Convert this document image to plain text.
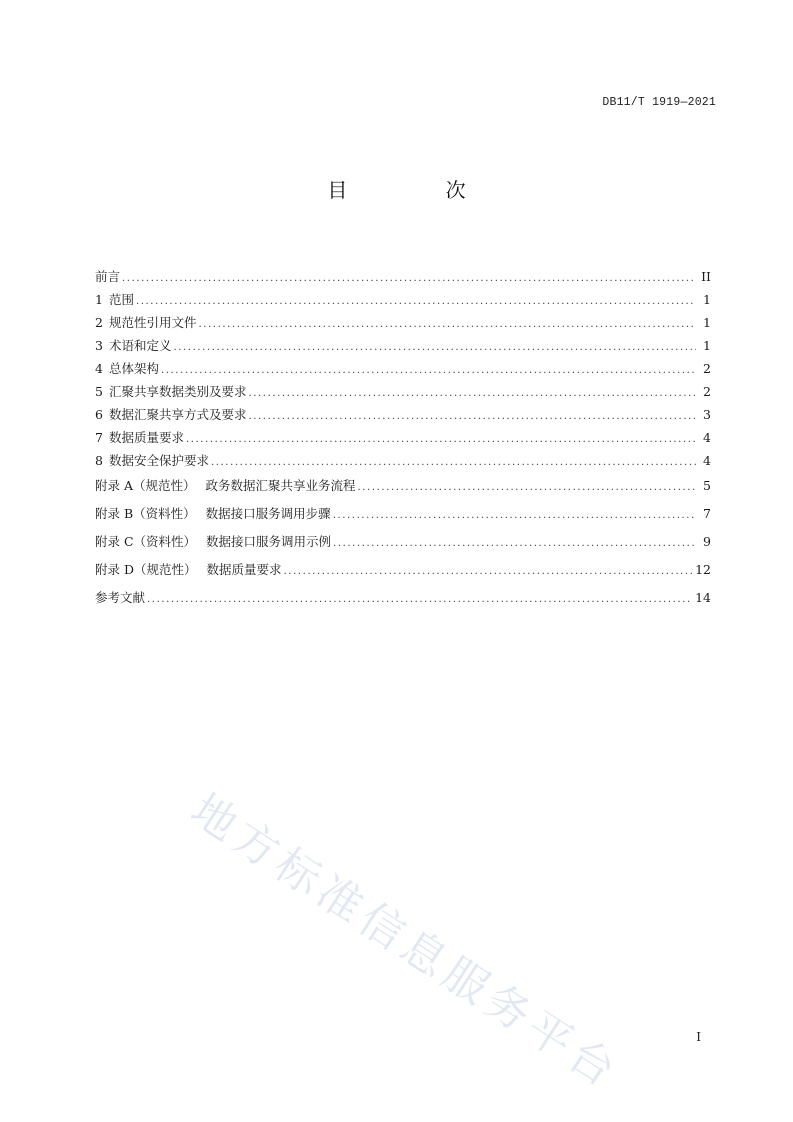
DB11/T 1919—2021
目 次
前言 .....	II
1 范围 .....	1
2 规范性引用文件 .....	1
3 术语和定义 .....	1
4 总体架构 .....	2
5 汇聚共享数据类别及要求 .....	2
6 数据汇聚共享方式及要求 .....	3
7 数据质量要求 .....	4
8 数据安全保护要求 .....	4
附录 A（规范性） 政务数据汇聚共享业务流程 .....	5
附录 B（资料性） 数据接口服务调用步骤 .....	7
附录 C（资料性） 数据接口服务调用示例 .....	9
附录 D（规范性） 数据质量要求 .....	12
参考文献 .....	14
地方标准信息服务平台	I
